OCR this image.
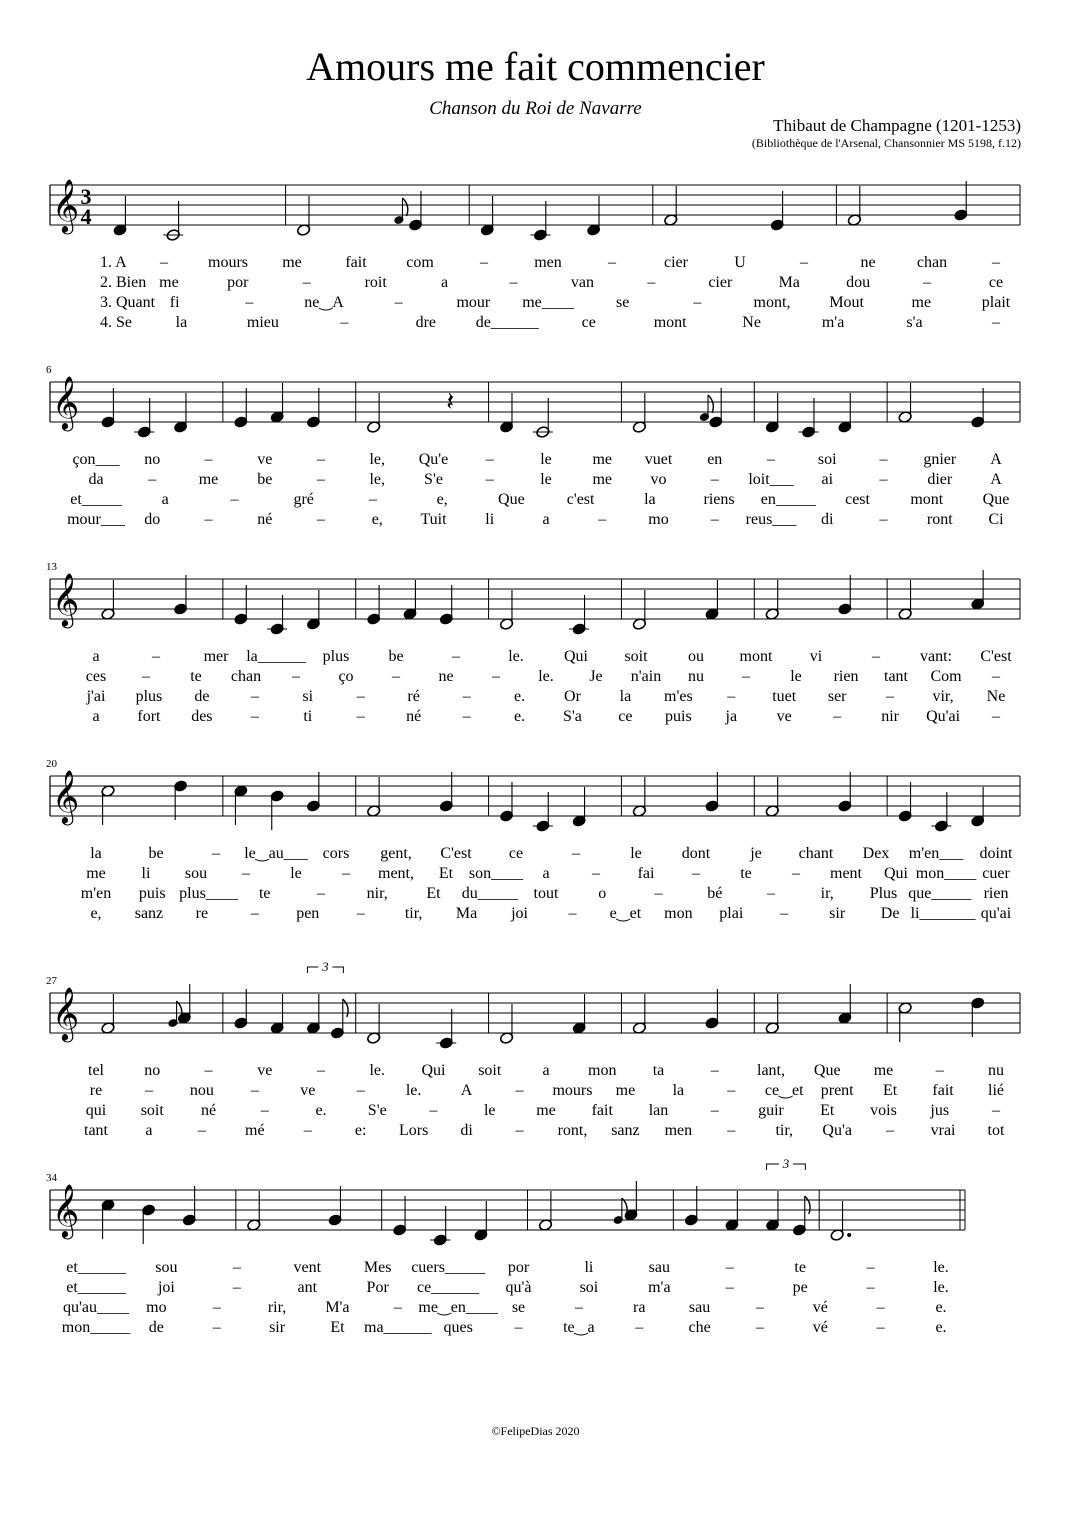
Amours me fait commencier
Chanson du Roi de Navarre
Thibaut de Champagne (1201-1253)
(Bibliothèque de l'Arsenal, Chansonnier MS 5198, f.12)
𝄞 3
4
1. A –	mours me	fait com	–	men	–	cier	U	–	ne	chan	–
2. Bien me	por	–	roit	a	–	van	–	cier	Ma	dou	–	ce
3. Quant fi	–	ne‿A	–	mour me____	se	–	mont, Mout	me	plait
4. Se	la	mieu	–	dre de______	ce	mont	Ne	m'a	s'a	–
𝄞
6
𝄽
çon___ no	–	ve	–	le, Qu'e –	le	me vuet en	–	soi	– gnier A
da	–	me be	–	le, S'e	–	le	me vo	– loit___ ai	– dier A
et_____ a	–	gré	–	e,	Que	c'est	la	riens en_____ cest	mont Que
mour___ do	–	né	–	e, Tuit li	a	–	mo	– reus___ di	– ront Ci
𝄞
13
a	–	mer la______ plus be	–	le.	Qui soit	ou mont vi	–	vant: C'est
ces –	te chan – ço – ne – le. Je n'ain nu –	le rien tant Com –
j'ai plus de	–	si	–	ré	–	e. Or la m'es – tuet ser – vir, Ne
a fort des –	ti	–	né	–	e. S'a ce puis ja ve	–	nir Qu'ai –
𝄞
20
la	be	– le‿au___ cors gent, C'est ce	–	le	dont	je chant Dex m'en___ doint
me li sou –	le	– ment, Et son____ a	– fai –	te	– ment Qui mon____ cuer
m'en puis plus____ te	–	nir, Et du_____ tout o	–	bé	–	ir, Plus que_____ rien
e, sanz re	– pen –	tir, Ma joi	– e‿et mon plai –	sir De li_______ qu'ai
𝄞
27
3
tel	no	–	ve	–	le. Qui soit	a mon ta	– lant, Que me	–	nu
re	– nou –	ve	–	le. A	– mours me la	– ce‿et prent Et fait lié
qui soit né	–	e.	S'e	–	le	me fait lan	– guir Et vois jus	–
tant a	– mé –	e: Lors di	– ront, sanz men –	tir, Qu'a – vrai tot
𝄞
34
3
et______ sou	–	vent	Mes cuers_____ por	li	sau	–	te	–	le.
et______ joi	–	ant	Por ce______ qu'à	soi	m'a	–	pe	–	le.
qu'au____ mo	–	rir, M'a	– me‿en____ se	–	ra	sau	–	vé	–	e.
mon_____ de	–	sir	Et ma______ ques	–	te‿a	–	che	–	vé	–	e.
©FelipeDias 2020
